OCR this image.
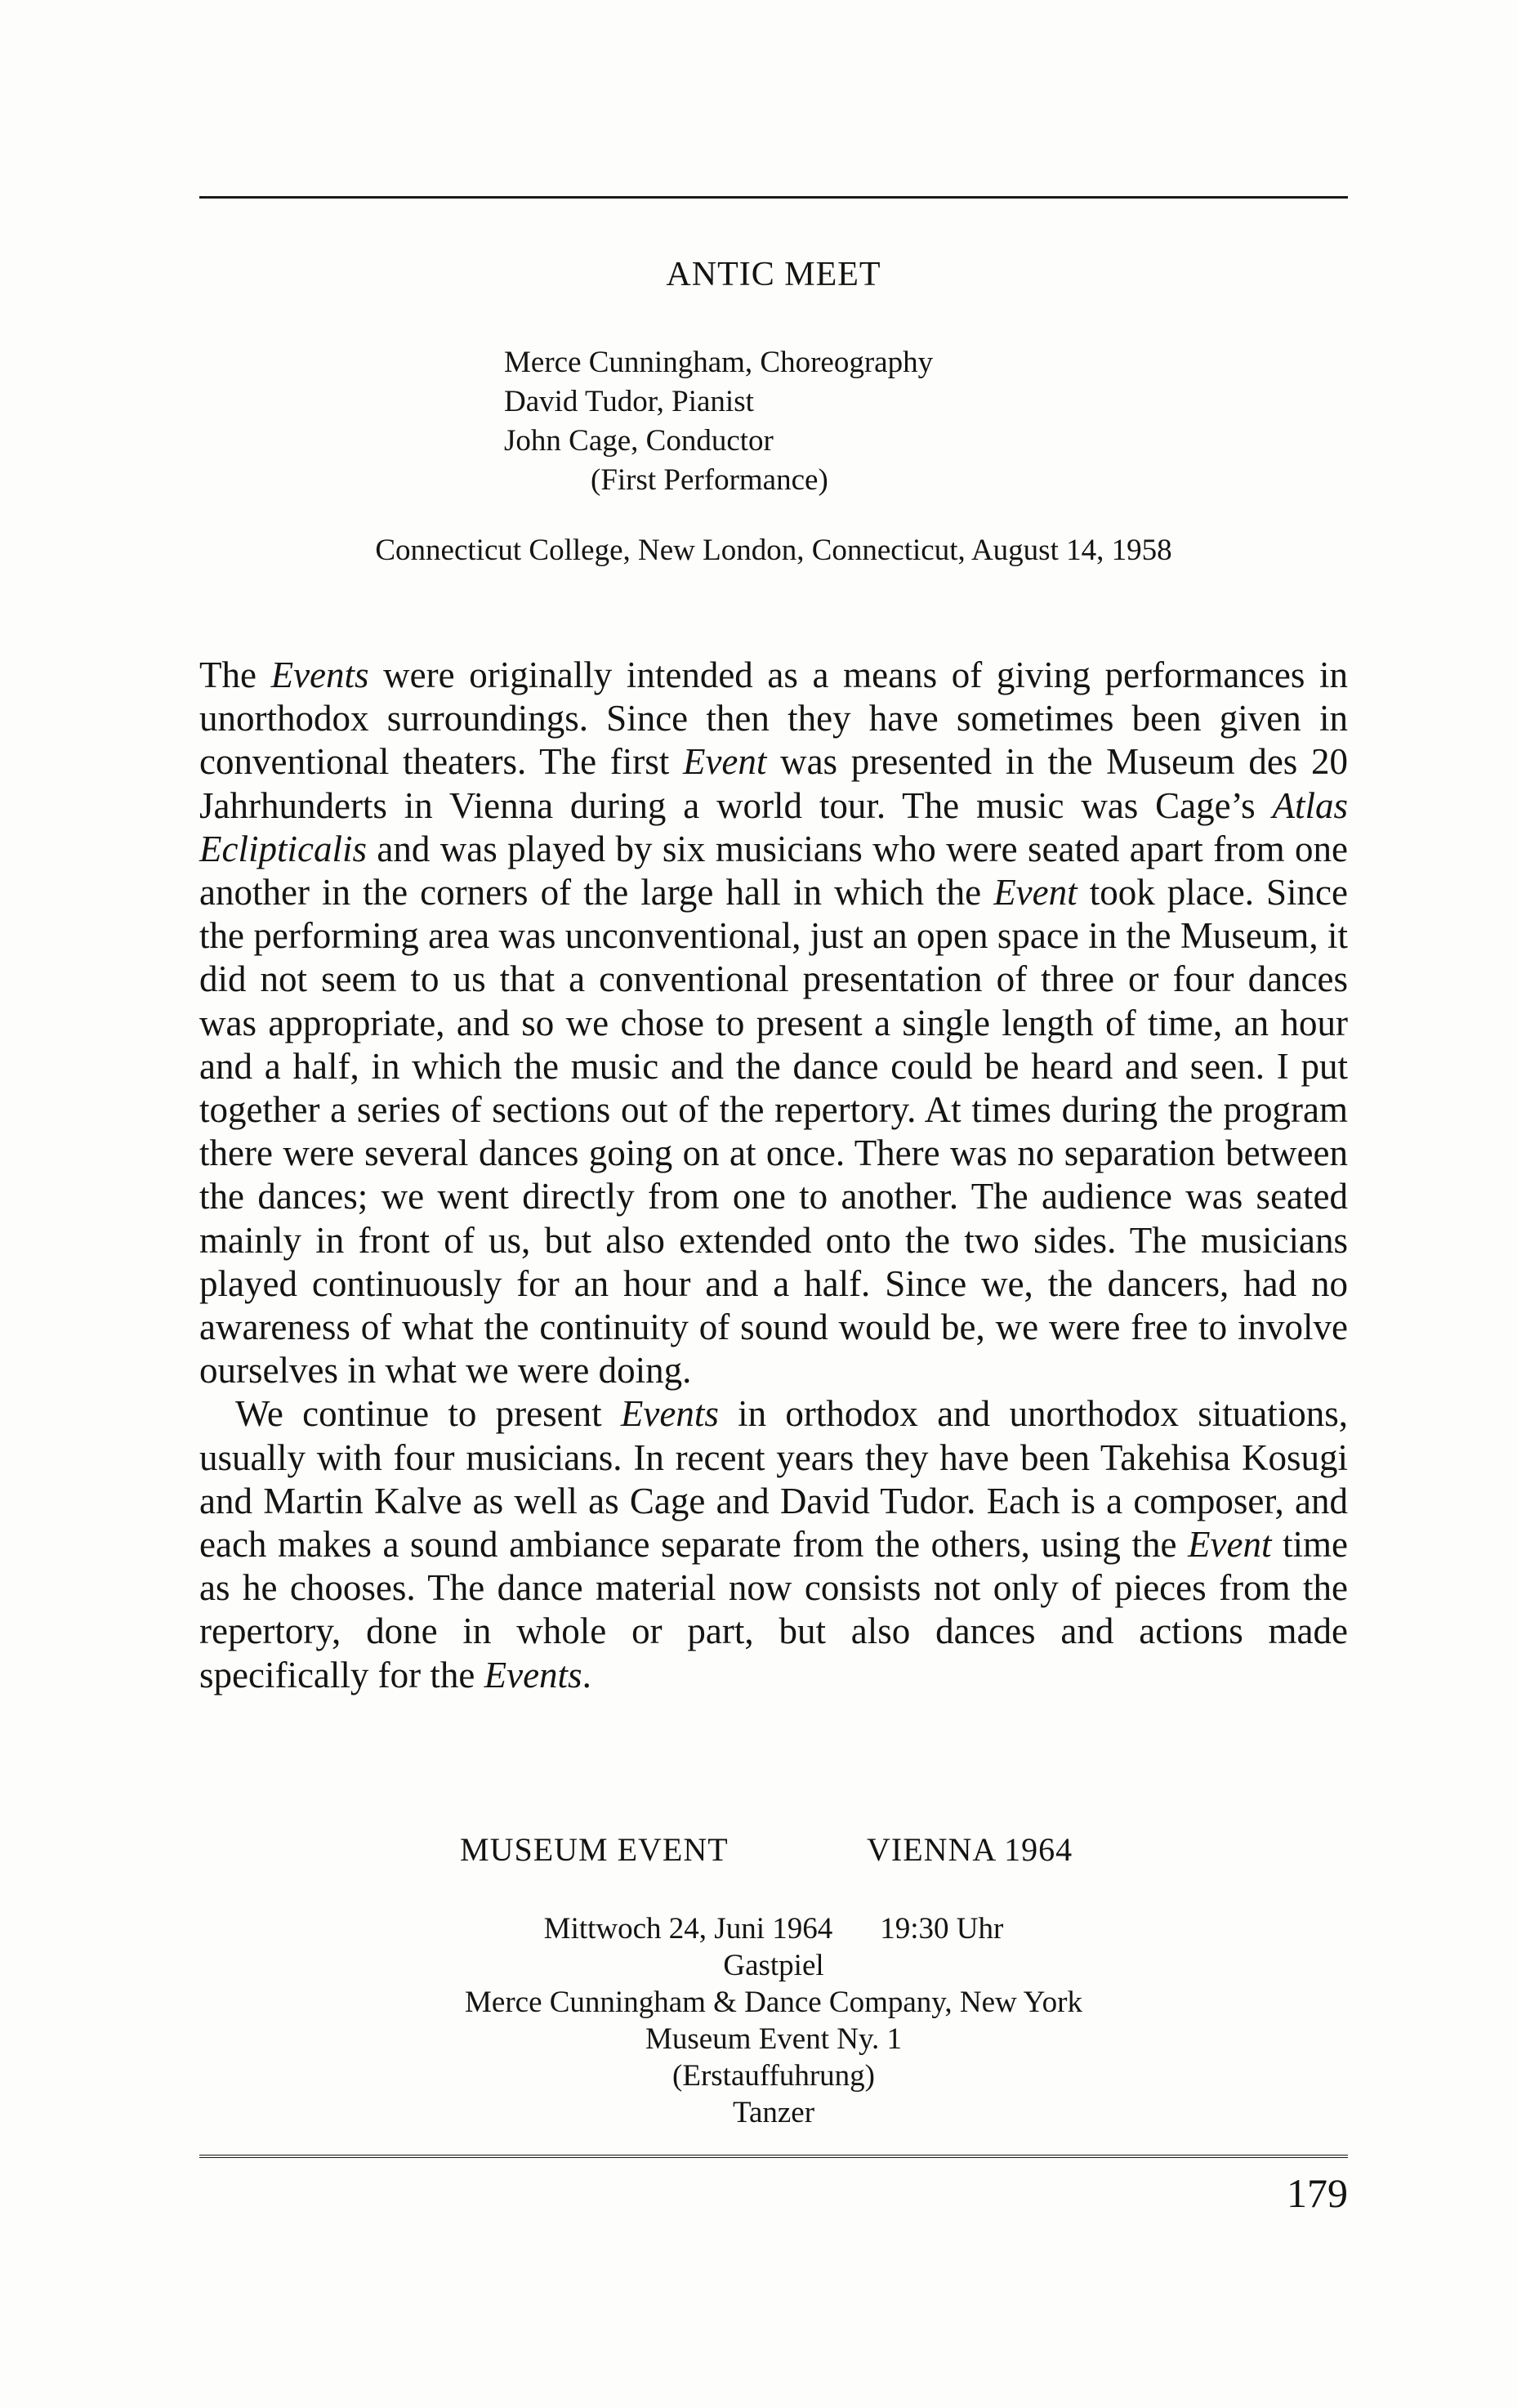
ANTIC MEET
Merce Cunningham, Choreography
David Tudor, Pianist
John Cage, Conductor
(First Performance)
Connecticut College, New London, Connecticut, August 14, 1958

The Events were originally intended as a means of giving performances in unorthodox surroundings. Since then they have sometimes been given in conventional theaters. The first Event was presented in the Museum des 20 Jahrhunderts in Vienna during a world tour. The music was Cage’s Atlas Eclipticalis and was played by six musicians who were seated apart from one another in the corners of the large hall in which the Event took place. Since the performing area was unconventional, just an open space in the Museum, it did not seem to us that a conventional presentation of three or four dances was appropriate, and so we chose to present a single length of time, an hour and a half, in which the music and the dance could be heard and seen. I put together a series of sections out of the repertory. At times during the program there were several dances going on at once. There was no separation between the dances; we went directly from one to another. The audience was seated mainly in front of us, but also extended onto the two sides. The musicians played continuously for an hour and a half. Since we, the dancers, had no awareness of what the continuity of sound would be, we were free to involve ourselves in what we were doing.

We continue to present Events in orthodox and unorthodox situations, usually with four musicians. In recent years they have been Takehisa Kosugi and Martin Kalve as well as Cage and David Tudor. Each is a composer, and each makes a sound ambiance separate from the others, using the Event time as he chooses. The dance material now consists not only of pieces from the repertory, done in whole or part, but also dances and actions made specifically for the Events.

MUSEUM EVENT	VIENNA 1964
Mittwoch 24, Juni 1964 19:30 Uhr
Gastpiel
Merce Cunningham & Dance Company, New York
Museum Event Ny. 1
(Erstauffuhrung)
Tanzer
179
